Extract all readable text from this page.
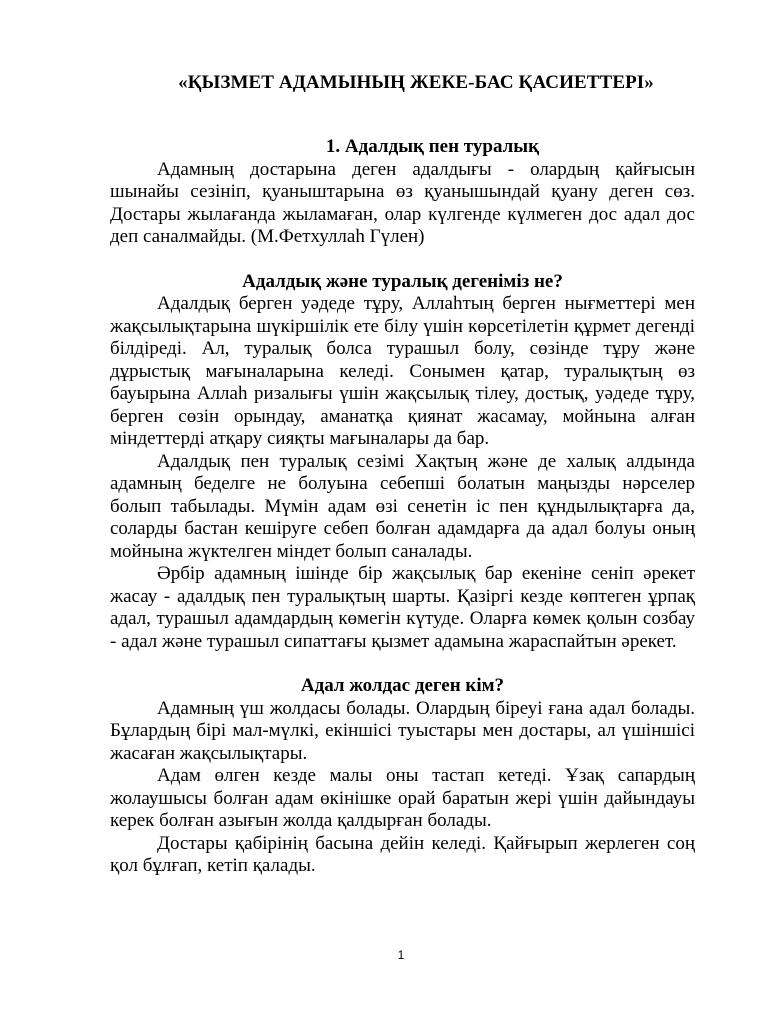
«ҚЫЗМЕТ АДАМЫНЫҢ ЖЕКЕ-БАС ҚАСИЕТТЕРІ»

1. Адалдық пен туралық

Адамның достарына деген адалдығы - олардың қайғысын шынайы сезініп, қуаныштарына өз қуанышындай қуану деген сөз. Достары жылағанда жыламаған, олар күлгенде күлмеген дос адал дос деп саналмайды. (М.Фетхуллаһ Гүлен)

Адалдық және туралық дегеніміз не?

Адалдық берген уәдеде тұру, Аллаһтың берген нығметтері мен жақсылықтарына шүкіршілік ете білу үшін көрсетілетін құрмет дегенді білдіреді. Ал, туралық болса турашыл болу, сөзінде тұру және дұрыстық мағыналарына келеді. Сонымен қатар, туралықтың өз бауырына Аллаһ ризалығы үшін жақсылық тілеу, достық, уәдеде тұру, берген сөзін орындау, аманатқа қиянат жасамау, мойнына алған міндеттерді атқару сияқты мағыналары да бар.

Адалдық пен туралық сезімі Хақтың және де халық алдында адамның беделге не болуына себепші болатын маңызды нәрселер болып табылады. Мүмін адам өзі сенетін іс пен құндылықтарға да, соларды бастан кешіруге себеп болған адамдарға да адал болуы оның мойнына жүктелген міндет болып саналады.

Әрбір адамның ішінде бір жақсылық бар екеніне сеніп әрекет жасау - адалдық пен туралықтың шарты. Қазіргі кезде көптеген ұрпақ адал, турашыл адамдардың көмегін күтуде. Оларға көмек қолын созбау - адал және турашыл сипаттағы қызмет адамына жараспайтын әрекет.

Адал жолдас деген кім?

Адамның үш жолдасы болады. Олардың біреуі ғана адал болады. Бұлардың бірі мал-мүлкі, екіншісі туыстары мен достары, ал үшіншісі жасаған жақсылықтары.

Адам өлген кезде малы оны тастап кетеді. Ұзақ сапардың жолаушысы болған адам өкінішке орай баратын жері үшін дайындауы керек болған азығын жолда қалдырған болады.

Достары қабірінің басына дейін келеді. Қайғырып жерлеген соң қол бұлғап, кетіп қалады.

1
